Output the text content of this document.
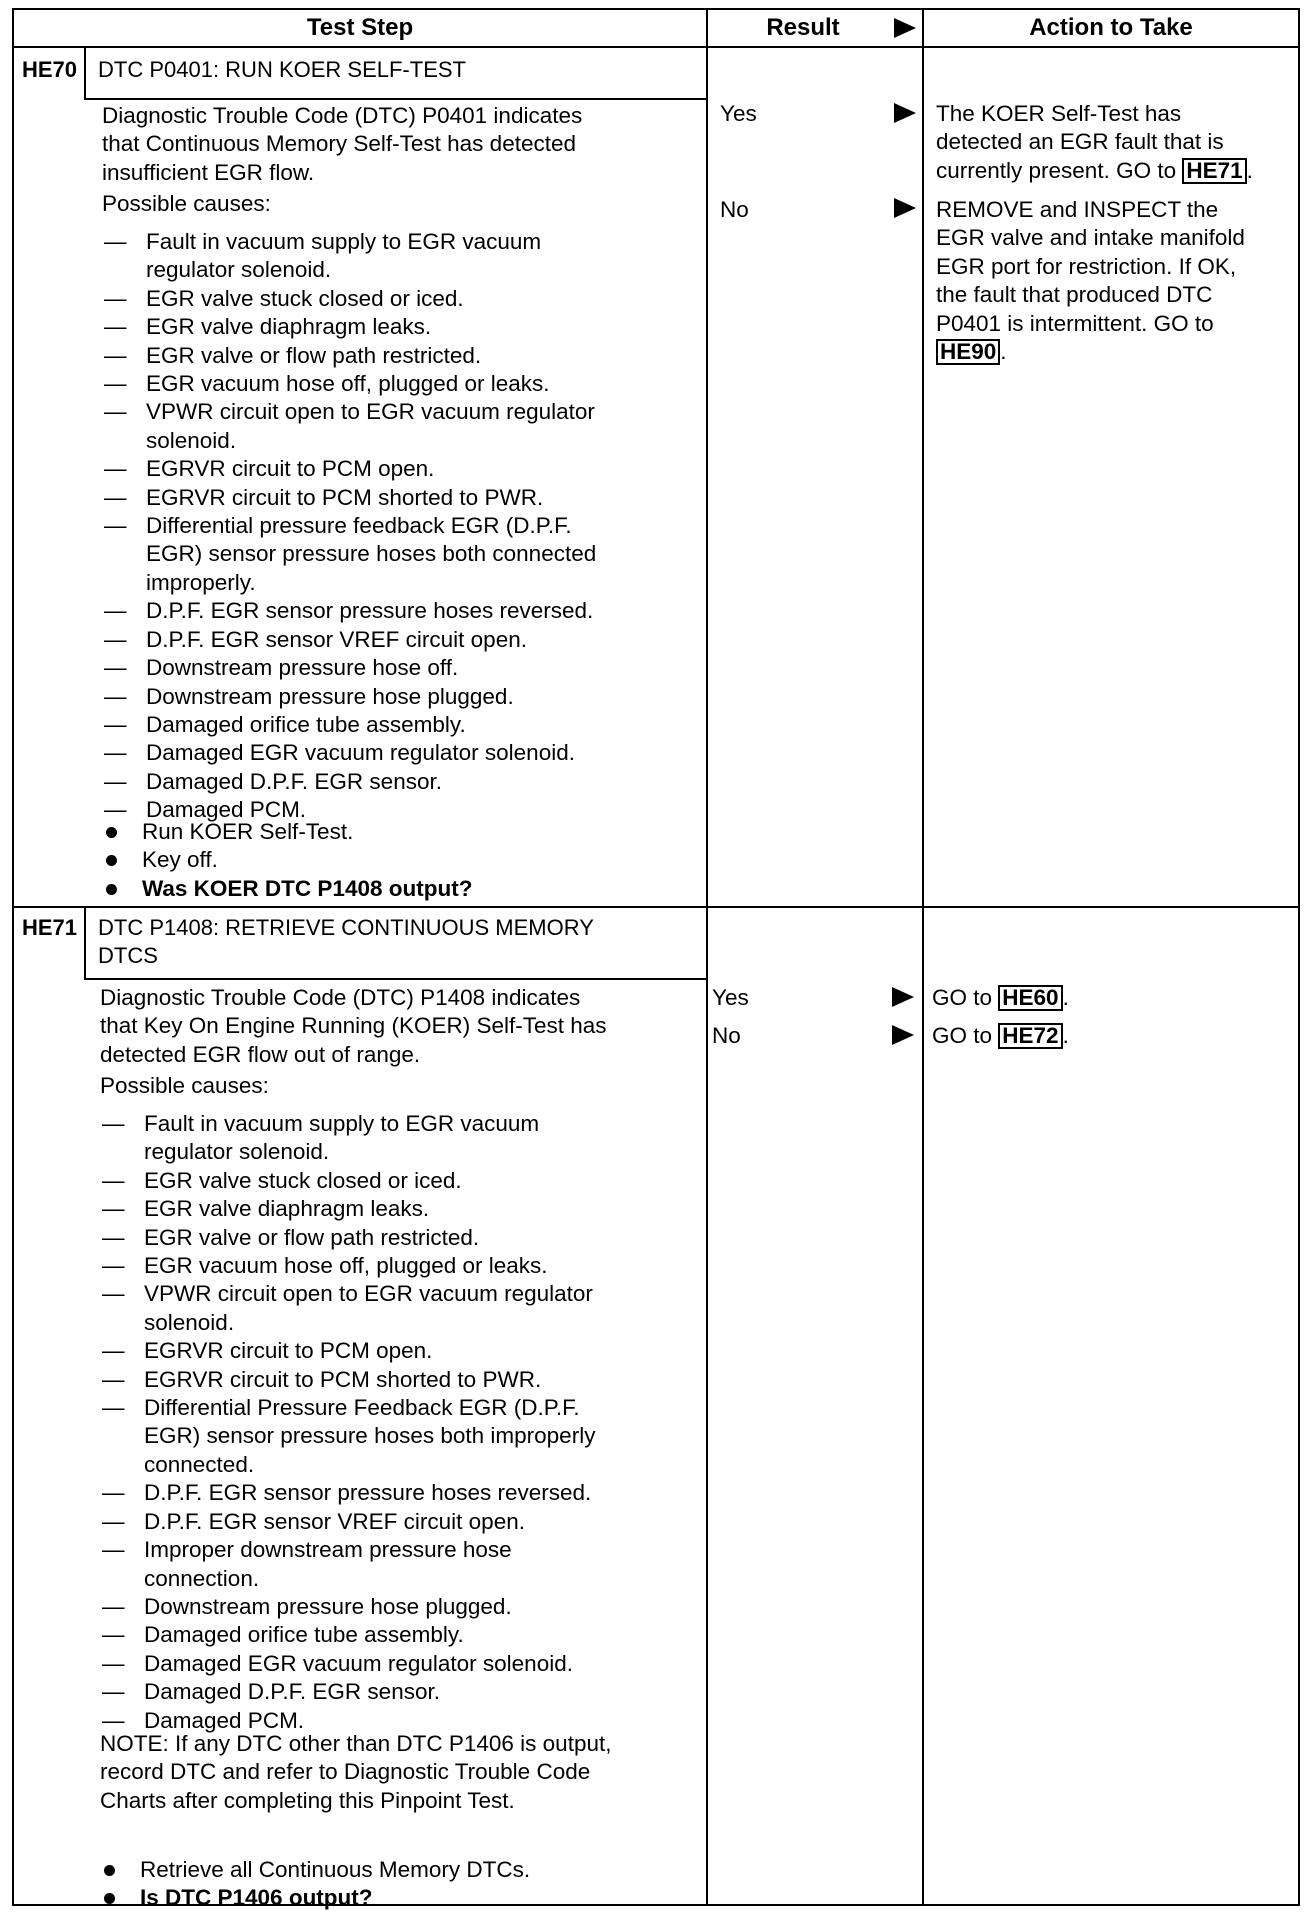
Test Step	Result	Action to Take
HE70 DTC P0401: RUN KOER SELF-TEST
Diagnostic Trouble Code (DTC) P0401 indicates
that Continuous Memory Self-Test has detected
insufficient EGR flow.
Possible causes:
— Fault in vacuum supply to EGR vacuum
regulator solenoid.
— EGR valve stuck closed or iced.
— EGR valve diaphragm leaks.
— EGR valve or flow path restricted.
— EGR vacuum hose off, plugged or leaks.
— VPWR circuit open to EGR vacuum regulator
solenoid.
— EGRVR circuit to PCM open.
— EGRVR circuit to PCM shorted to PWR.
— Differential pressure feedback EGR (D.P.F.
EGR) sensor pressure hoses both connected
improperly.
— D.P.F. EGR sensor pressure hoses reversed.
— D.P.F. EGR sensor VREF circuit open.
— Downstream pressure hose off.
— Downstream pressure hose plugged.
— Damaged orifice tube assembly.
— Damaged EGR vacuum regulator solenoid.
— Damaged D.P.F. EGR sensor.
— Damaged PCM.
Run KOER Self-Test.
Key off.
Was KOER DTC P1408 output?
Yes	The KOER Self-Test has
detected an EGR fault that is
currently present. GO to HE71 .
No	REMOVE and INSPECT the
EGR valve and intake manifold
EGR port for restriction. If OK,
the fault that produced DTC
P0401 is intermittent. GO to
HE90 .
HE71 DTC P1408: RETRIEVE CONTINUOUS MEMORY
DTCS
Diagnostic Trouble Code (DTC) P1408 indicates
that Key On Engine Running (KOER) Self-Test has
detected EGR flow out of range.
Possible causes:
— Fault in vacuum supply to EGR vacuum
regulator solenoid.
— EGR valve stuck closed or iced.
— EGR valve diaphragm leaks.
— EGR valve or flow path restricted.
— EGR vacuum hose off, plugged or leaks.
— VPWR circuit open to EGR vacuum regulator
solenoid.
— EGRVR circuit to PCM open.
— EGRVR circuit to PCM shorted to PWR.
— Differential Pressure Feedback EGR (D.P.F.
EGR) sensor pressure hoses both improperly
connected.
— D.P.F. EGR sensor pressure hoses reversed.
— D.P.F. EGR sensor VREF circuit open.
— Improper downstream pressure hose
connection.
— Downstream pressure hose plugged.
— Damaged orifice tube assembly.
— Damaged EGR vacuum regulator solenoid.
— Damaged D.P.F. EGR sensor.
— Damaged PCM.
NOTE: If any DTC other than DTC P1406 is output,
record DTC and refer to Diagnostic Trouble Code
Charts after completing this Pinpoint Test.
Retrieve all Continuous Memory DTCs.
Is DTC P1406 output?
Yes	GO to HE60 .
No	GO to HE72 .
